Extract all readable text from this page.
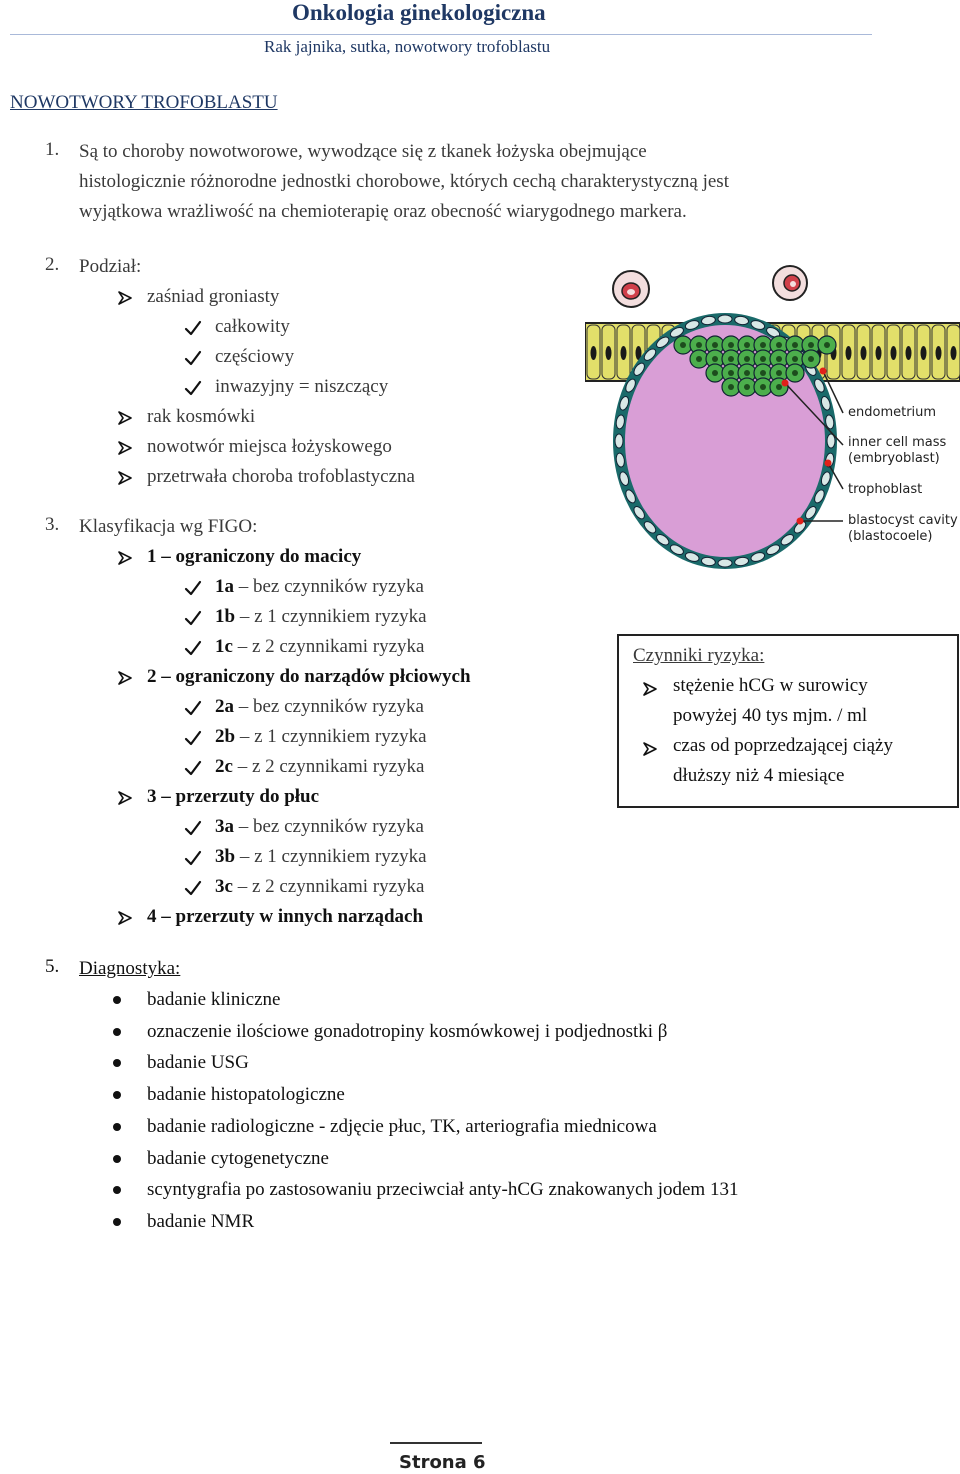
Onkologia ginekologiczna
Rak jajnika, sutka, nowotwory trofoblastu
NOWOTWORY TROFOBLASTU
1. Są to choroby nowotworowe, wywodzące się z tkanek łożyska obejmujące
histologicznie różnorodne jednostki chorobowe, których cechą charakterystyczną jest
wyjątkowa wrażliwość na chemioterapię oraz obecność wiarygodnego markera.
2. Podział:
zaśniad groniasty
całkowity
częściowy
inwazyjny = niszczący
rak kosmówki
nowotwór miejsca łożyskowego
przetrwała choroba trofoblastyczna
3. Klasyfikacja wg FIGO:
1 – ograniczony do macicy
1a – bez czynników ryzyka
1b – z 1 czynnikiem ryzyka
1c – z 2 czynnikami ryzyka
2 – ograniczony do narządów płciowych
2a – bez czynników ryzyka
2b – z 1 czynnikiem ryzyka
2c – z 2 czynnikami ryzyka
3 – przerzuty do płuc
3a – bez czynników ryzyka
3b – z 1 czynnikiem ryzyka
3c – z 2 czynnikami ryzyka
4 – przerzuty w innych narządach
endometrium
inner cell mass
(embryoblast)
trophoblast
blastocyst cavity
(blastocoele)
Czynniki ryzyka:
stężenie hCG w surowicy
powyżej 40 tys mjm. / ml
czas od poprzedzającej ciąży
dłuższy niż 4 miesiące
5. Diagnostyka:
badanie kliniczne
oznaczenie ilościowe gonadotropiny kosmówkowej i podjednostki β
badanie USG
badanie histopatologiczne
badanie radiologiczne - zdjęcie płuc, TK, arteriografia miednicowa
badanie cytogenetyczne
scyntygrafia po zastosowaniu przeciwciał anty-hCG znakowanych jodem 131
badanie NMR
Strona 6
